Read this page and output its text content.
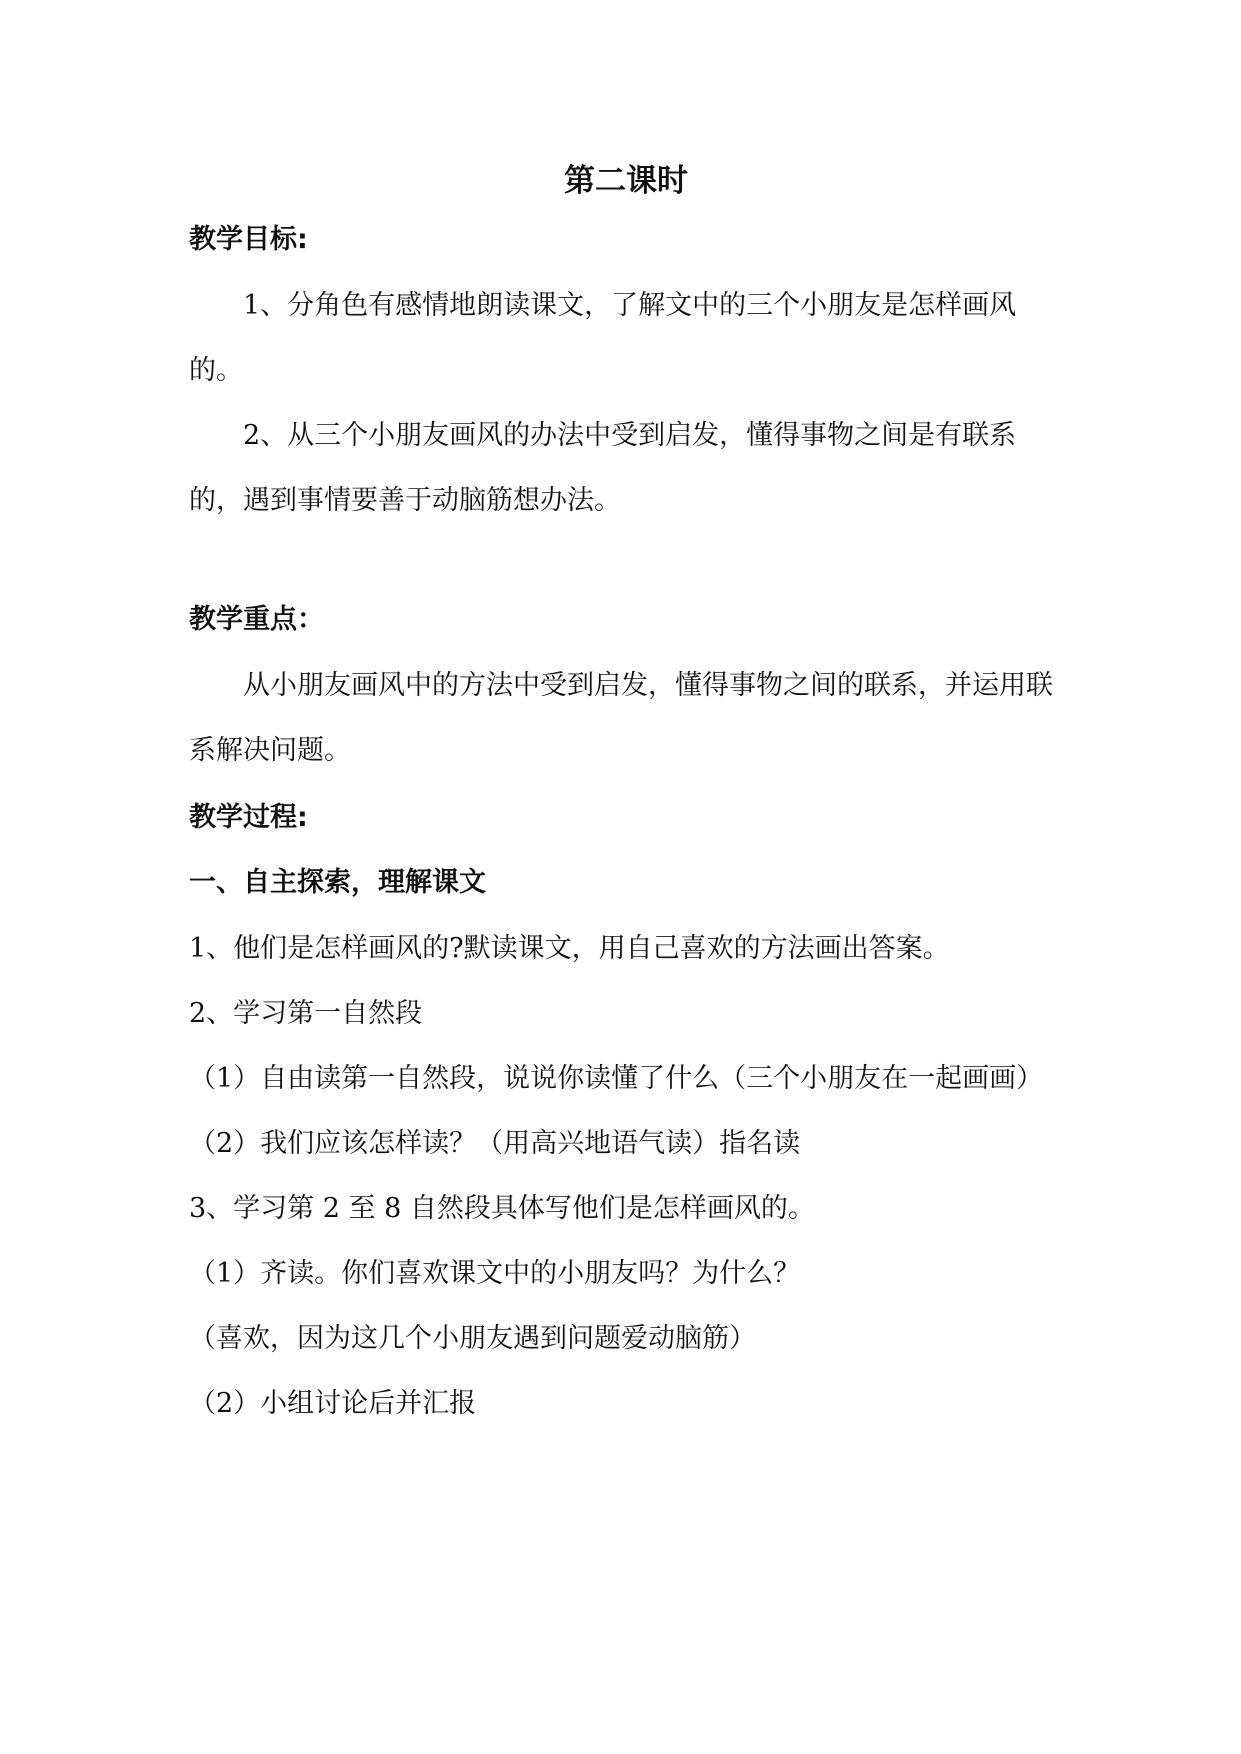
第二课时
教学目标:
1、分角色有感情地朗读课文，了解文中的三个小朋友是怎样画风的。
2、从三个小朋友画风的办法中受到启发，懂得事物之间是有联系的，遇到事情要善于动脑筋想办法。
教学重点：
从小朋友画风中的方法中受到启发，懂得事物之间的联系，并运用联系解决问题。
教学过程:
一、自主探索，理解课文
1、他们是怎样画风的?默读课文，用自己喜欢的方法画出答案。
2、学习第一自然段
（1）自由读第一自然段，说说你读懂了什么（三个小朋友在一起画画）
（2）我们应该怎样读？（用高兴地语气读）指名读
3、学习第 2 至 8 自然段具体写他们是怎样画风的。
（1）齐读。你们喜欢课文中的小朋友吗？为什么？
（喜欢，因为这几个小朋友遇到问题爱动脑筋）
（2）小组讨论后并汇报
